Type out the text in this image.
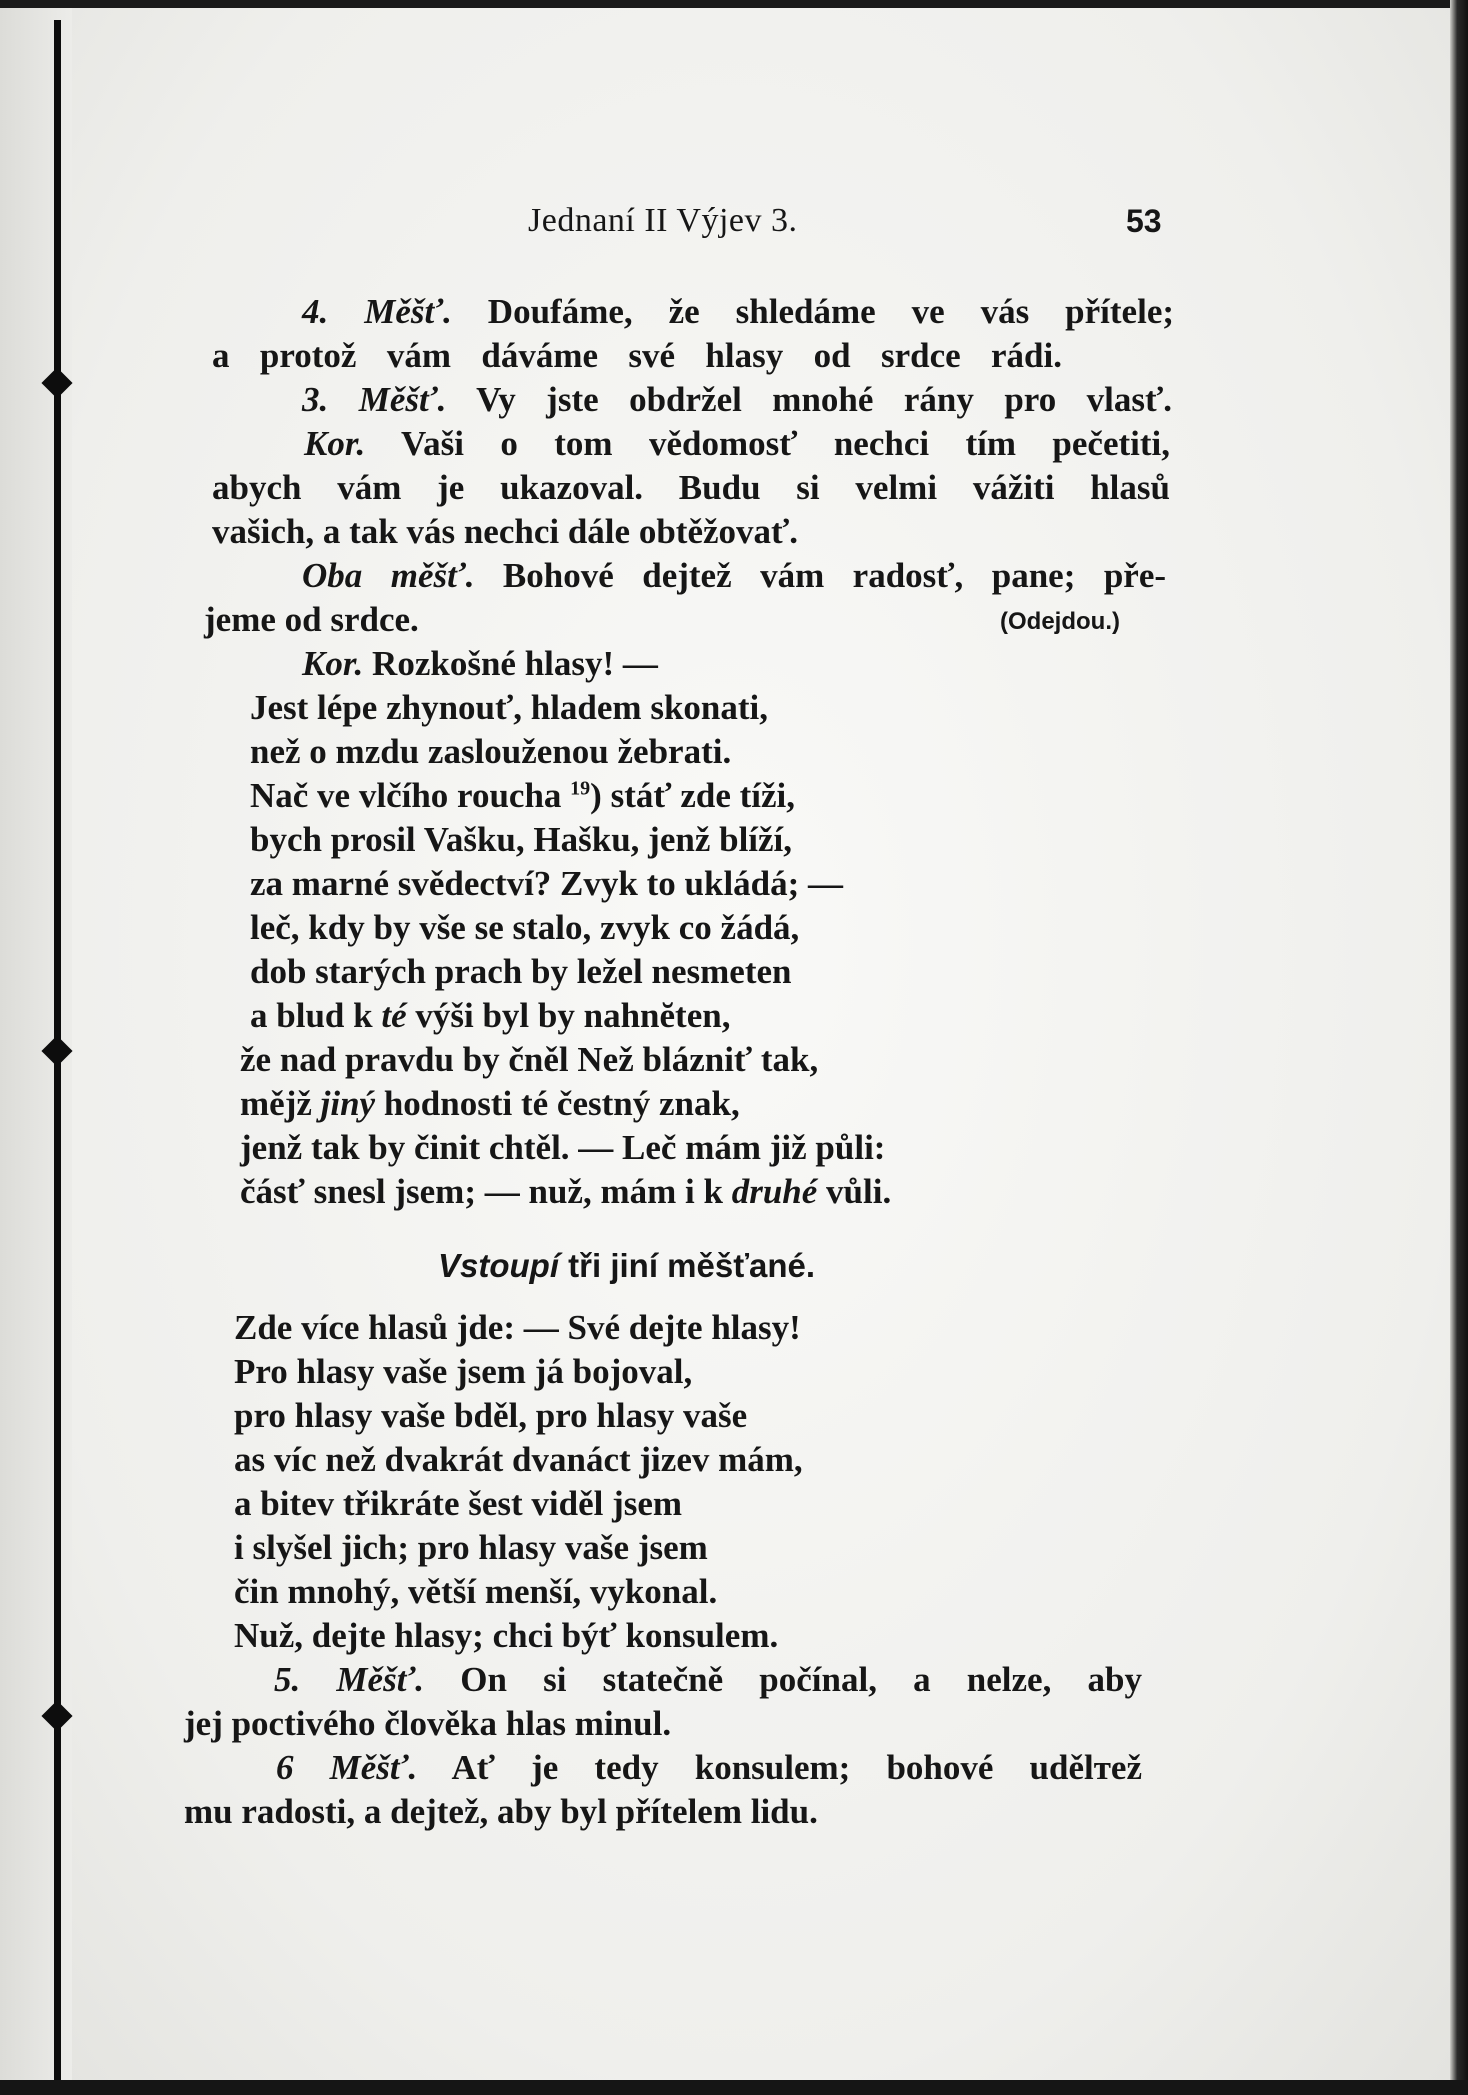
Jednaní II Výjev 3.	53
4. Měšť. Doufáme, že shledáme ve vás přítele;
a protož vám dáváme své hlasy od srdce rádi.
3. Měšť. Vy jste obdržel mnohé rány pro vlasť.
Kor. Vaši o tom vědomosť nechci tím pečetiti,
abych vám je ukazoval. Budu si velmi vážiti hlasů
vašich, a tak vás nechci dále obtěžovať.
Oba měšť. Bohové dejtež vám radosť, pane; pře-
jeme od srdce.	(Odejdou.)
Kor. Rozkošné hlasy! —
Jest lépe zhynouť, hladem skonati,
než o mzdu zaslouženou žebrati.
Nač ve vlčího roucha $^{19}$) stáť zde tíži,
bych prosil Vašku, Hašku, jenž blíží,
za marné svědectví? Zvyk to ukládá; —
leč, kdy by vše se stalo, zvyk co žádá,
dob starých prach by ležel nesmeten
a blud k té výši byl by nahnĕten,
že nad pravdu by čněl Než blázniť tak,
mějž jiný hodnosti té čestný znak,
jenž tak by činit chtěl. — Leč mám již půli:
čásť snesl jsem; — nuž, mám i k druhé vůli.
Vstoupí tři jiní měšťané.
Zde více hlasů jde: — Své dejte hlasy!
Pro hlasy vaše jsem já bojoval,
pro hlasy vaše bděl, pro hlasy vaše
as víc než dvakrát dvanáct jizev mám,
a bitev třikráte šest viděl jsem
i slyšel jich; pro hlasy vaše jsem
čin mnohý, větší menší, vykonal.
Nuž, dejte hlasy; chci býť konsulem.
5. Měšť. On si statečně počínal, a nelze, aby
jej poctivého člověka hlas minul.
6 Měšť. Ať je tedy konsulem; bohové udělтež
mu radosti, a dejtež, aby byl přítelem lidu.
